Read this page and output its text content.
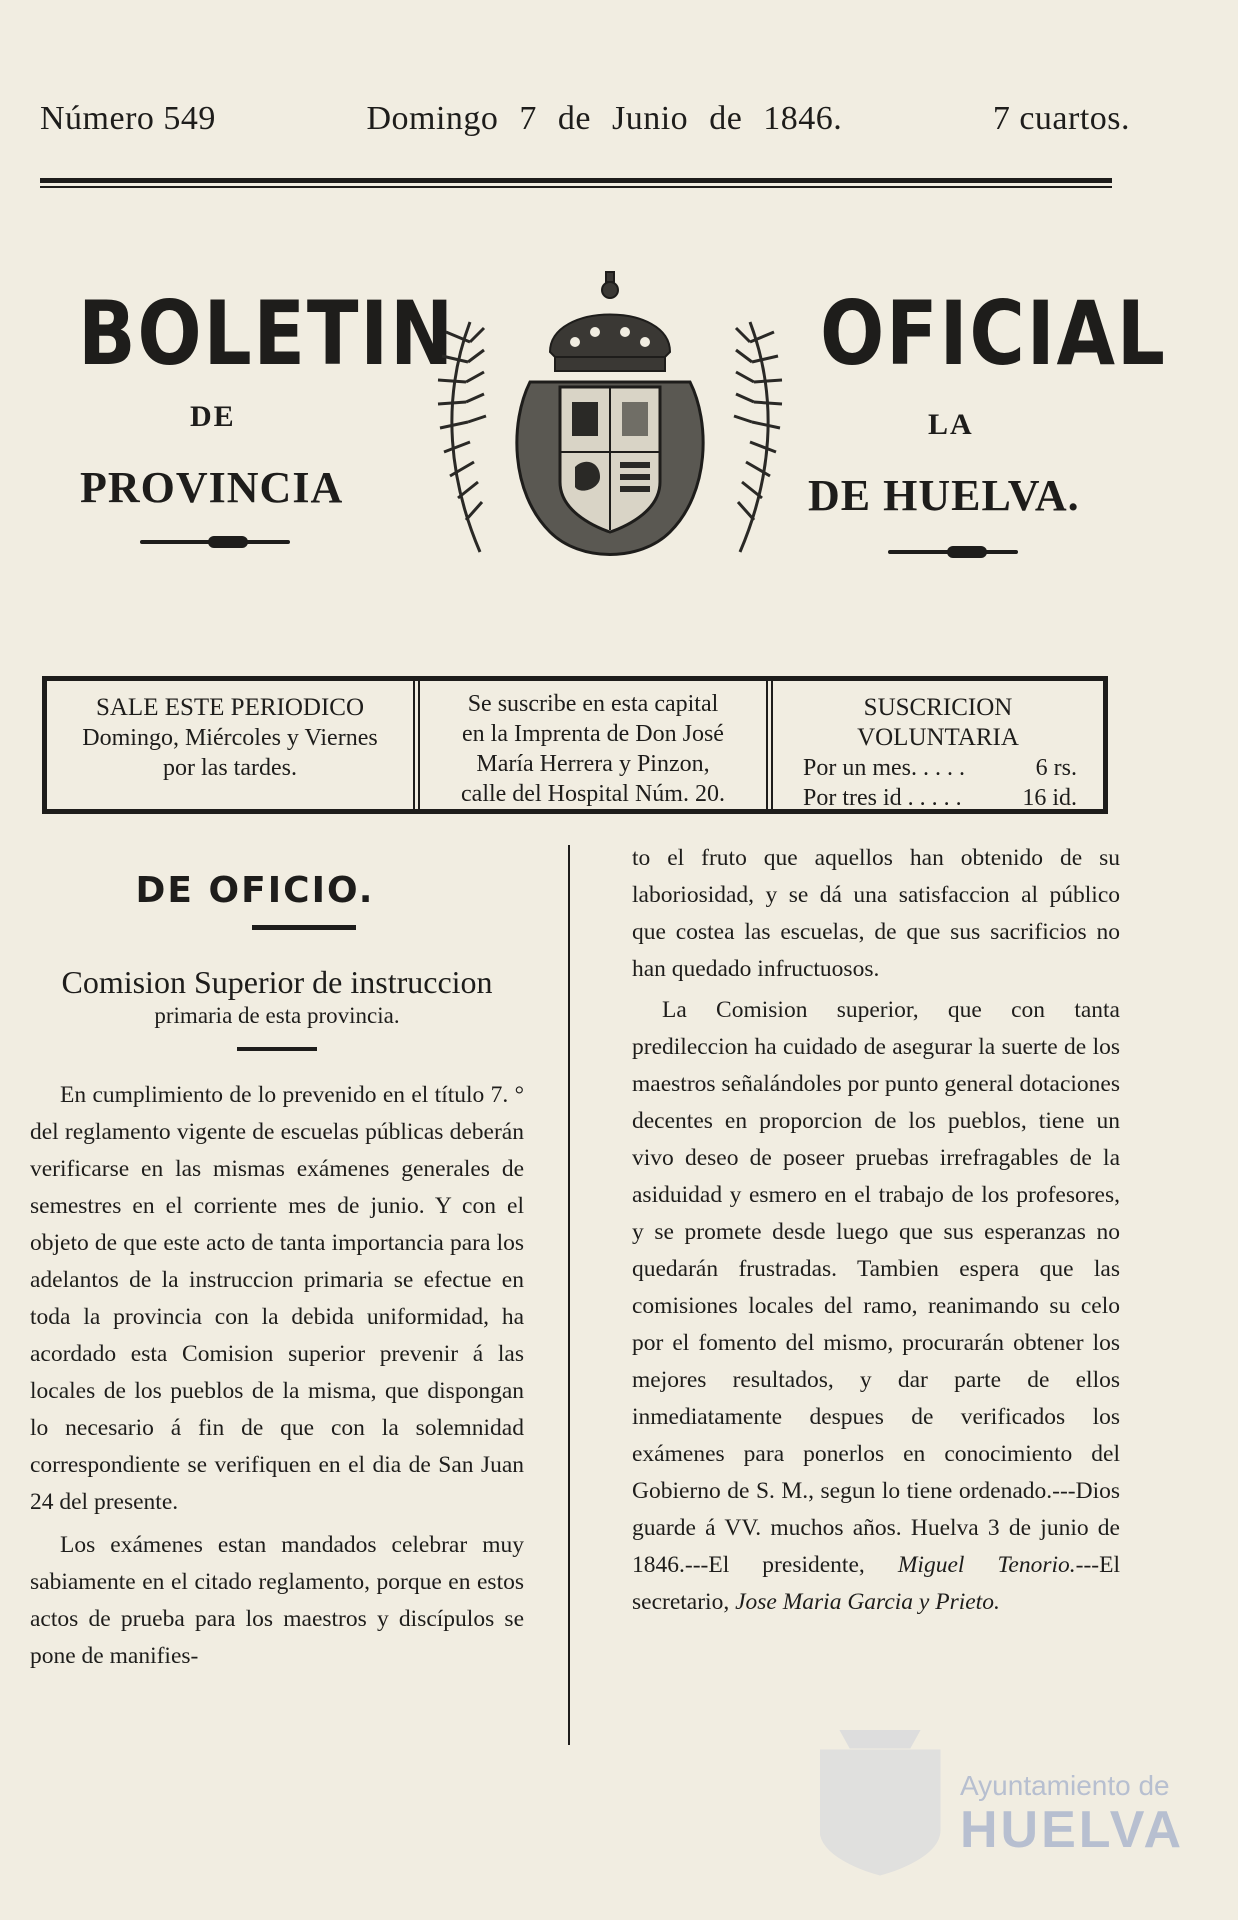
Número 549	Domingo 7 de Junio de 1846.	7 cuartos.
BOLETIN
DE
PROVINCIA
OFICIAL
LA
DE HUELVA.
SALE ESTE PERIODICO
Domingo, Miércoles y Viernes
por las tardes.
Se suscribe en esta capital
en la Imprenta de Don José
María Herrera y Pinzon,
calle del Hospital Núm. 20.
SUSCRICION VOLUNTARIA
Por un mes. . . . .	6 rs.
Por tres id . . . . .	16 id.
DE OFICIO.
Comision Superior de instruccion
primaria de esta provincia.

En cumplimiento de lo prevenido en el título 7. ° del reglamento vigente de escuelas públicas deberán verificarse en las mismas exámenes generales de semestres en el corriente mes de junio. Y con el objeto de que este acto de tanta importancia para los adelantos de la instruccion primaria se efectue en toda la provincia con la debida uniformidad, ha acordado esta Comision superior prevenir á las locales de los pueblos de la misma, que dispongan lo necesario á fin de que con la solemnidad correspondiente se verifiquen en el dia de San Juan 24 del presente.

Los exámenes estan mandados celebrar muy sabiamente en el citado reglamento, porque en estos actos de prueba para los maestros y discípulos se pone de manifies-

to el fruto que aquellos han obtenido de su laboriosidad, y se dá una satisfaccion al público que costea las escuelas, de que sus sacrificios no han quedado infructuosos.

La Comision superior, que con tanta predileccion ha cuidado de asegurar la suerte de los maestros señalándoles por punto general dotaciones decentes en proporcion de los pueblos, tiene un vivo deseo de poseer pruebas irrefragables de la asiduidad y esmero en el trabajo de los profesores, y se promete desde luego que sus esperanzas no quedarán frustradas. Tambien espera que las comisiones locales del ramo, reanimando su celo por el fomento del mismo, procurarán obtener los mejores resultados, y dar parte de ellos inmediatamente despues de verificados los exámenes para ponerlos en conocimiento del Gobierno de S. M., segun lo tiene ordenado.---Dios guarde á VV. muchos años. Huelva 3 de junio de 1846.---El presidente, Miguel Tenorio.---El secretario, Jose Maria Garcia y Prieto.

Ayuntamiento de
HUELVA
